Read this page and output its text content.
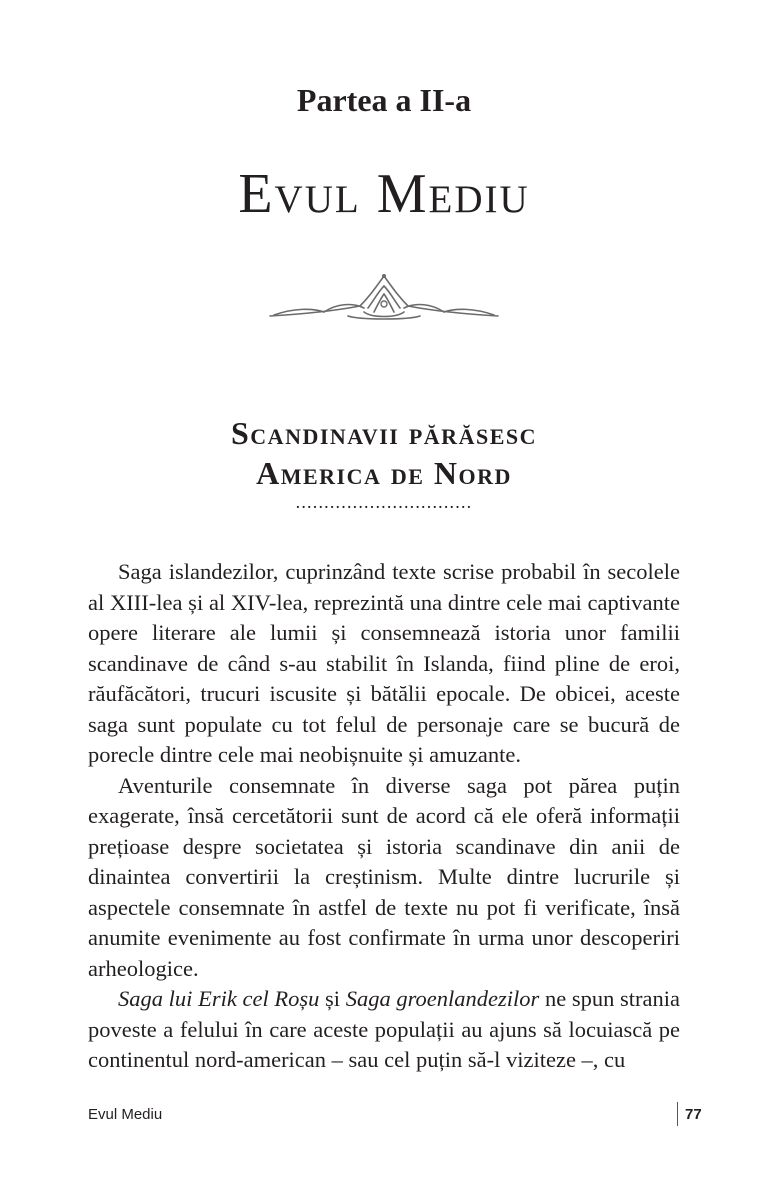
Partea a II-a
Evul Mediu
Scandinavii părăsesc
America de Nord
...............................

Saga islandezilor, cuprinzând texte scrise probabil în secolele al XIII-lea și al XIV-lea, reprezintă una dintre cele mai captivante opere literare ale lumii și consemnează istoria unor familii scandinave de când s-au stabilit în Islanda, fiind pline de eroi, răufăcători, trucuri iscusite și bătălii epocale. De obicei, aceste saga sunt populate cu tot felul de personaje care se bucură de porecle dintre cele mai neobișnuite și amuzante.

Aventurile consemnate în diverse saga pot părea puțin exagerate, însă cercetătorii sunt de acord că ele oferă informații prețioase despre societatea și istoria scandinave din anii de dinaintea convertirii la creștinism. Multe dintre lucrurile și aspectele consemnate în astfel de texte nu pot fi verificate, însă anumite evenimente au fost confirmate în urma unor descoperiri arheologice.

Saga lui Erik cel Roșu și Saga groenlandezilor ne spun strania poveste a felului în care aceste populații au ajuns să locuiască pe continentul nord-american – sau cel puțin să-l viziteze –, cu

Evul Mediu	77
